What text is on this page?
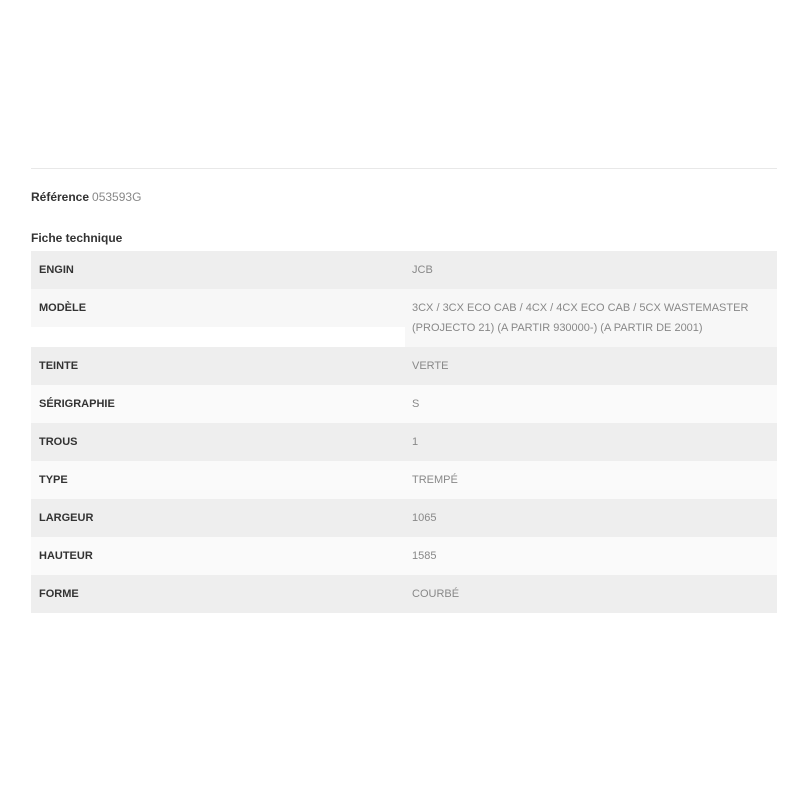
Référence 053593G
Fiche technique
ENGIN	JCB
MODÈLE	3CX / 3CX ECO CAB / 4CX / 4CX ECO CAB / 5CX WASTEMASTER (PROJECTO 21) (A PARTIR 930000-) (A PARTIR DE 2001)
TEINTE	VERTE
SÉRIGRAPHIE	S
TROUS	1
TYPE	TREMPÉ
LARGEUR	1065
HAUTEUR	1585
FORME	COURBÉ
